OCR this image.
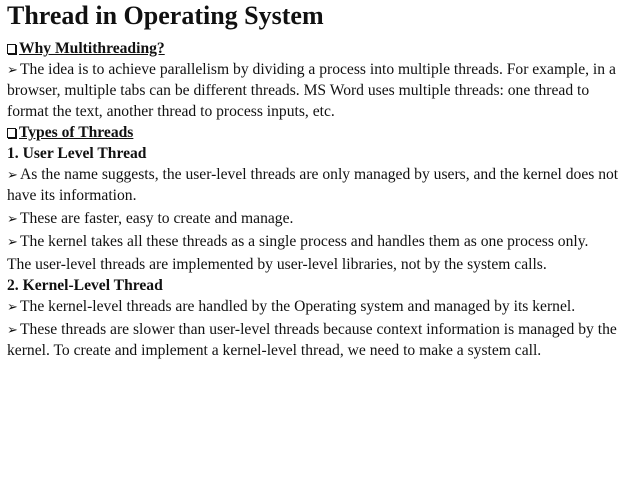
Thread in Operating System
Why Multithreading?
➢ The idea is to achieve parallelism by dividing a process into multiple threads. For example, in a browser, multiple tabs can be different threads. MS Word uses multiple threads: one thread to format the text, another thread to process inputs, etc.
Types of Threads
1. User Level Thread
➢ As the name suggests, the user-level threads are only managed by users, and the kernel does not have its information.
➢ These are faster, easy to create and manage.
➢ The kernel takes all these threads as a single process and handles them as one process only.
The user-level threads are implemented by user-level libraries, not by the system calls.
2. Kernel-Level Thread
➢ The kernel-level threads are handled by the Operating system and managed by its kernel.
➢ These threads are slower than user-level threads because context information is managed by the kernel. To create and implement a kernel-level thread, we need to make a system call.
